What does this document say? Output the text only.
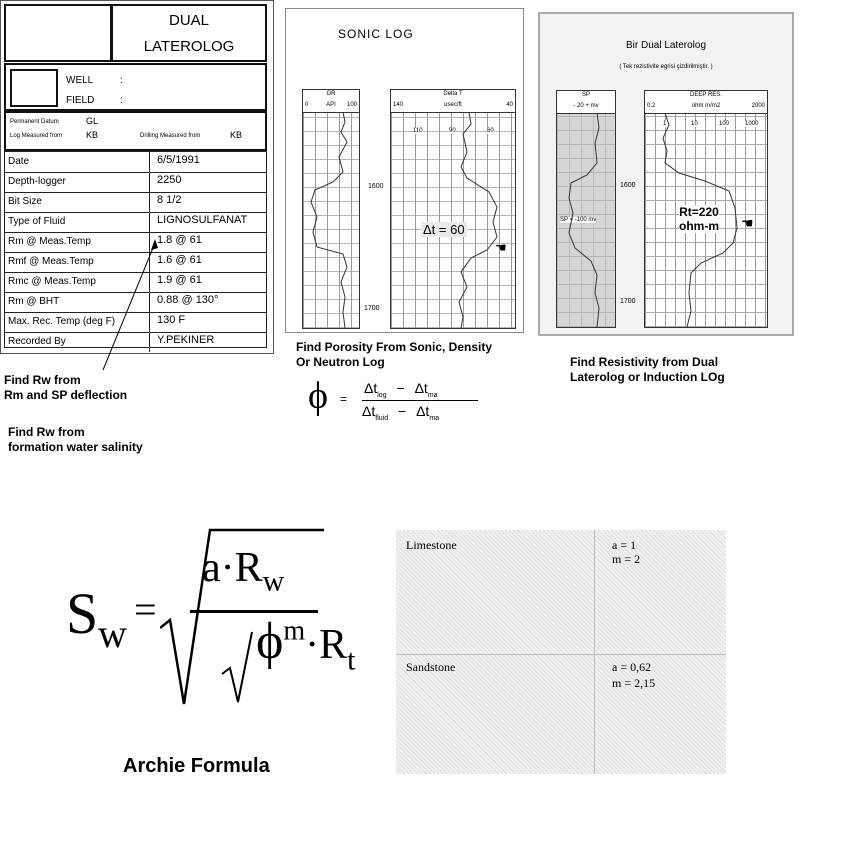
DUAL
LATEROLOG
WELL	:
FIELD	:
Permanent Datum	GL
Log Measured from	KB	Drilling Measured from	KB
Date	6/5/1991
Depth-logger	2250
Bit Size	8 1/2
Type of Fluid	LIGNOSULFANAT
Rm @ Meas.Temp	1.8 @ 61
Rmf @ Meas.Temp	1.6 @ 61
Rmc @ Meas.Temp	1.9 @ 61
Rm @ BHT	0.88 @ 130°
Max. Rec. Temp (deg F)	130 F
Recorded By	Y.PEKINER
SONIC LOG
GR
0	API	100
1600
1700
Delta T
140	usec/ft	40
110	90	60
Δt = 60
☚
Bir Dual Laterolog
( Tek rezistivite egrisi çizdirilmiştir. )
SP
- 20 + mv
SP = -100 mv
1600
1700
DEEP RES.
0.2	ohm m/m2	2000
1	10	100	1000
Rt=220
ohm-m ☚
Find Porosity From Sonic, Density
Or Neutron Log	Find Resistivity from Dual
Laterolog or Induction LOg
Find Rw from
Rm and SP deflection
Find Rw from
formation water salinity
ϕ =
$\Delta t_{log} - \Delta t_{ma}$
$\Delta t_{fluid} - \Delta t_{ma}$
S w
=
$a\cdot R_w$
$\phi^m\cdot R_t$
Archie Formula
Limestone	a = 1
m = 2
Sandstone	a = 0,62
m = 2,15
